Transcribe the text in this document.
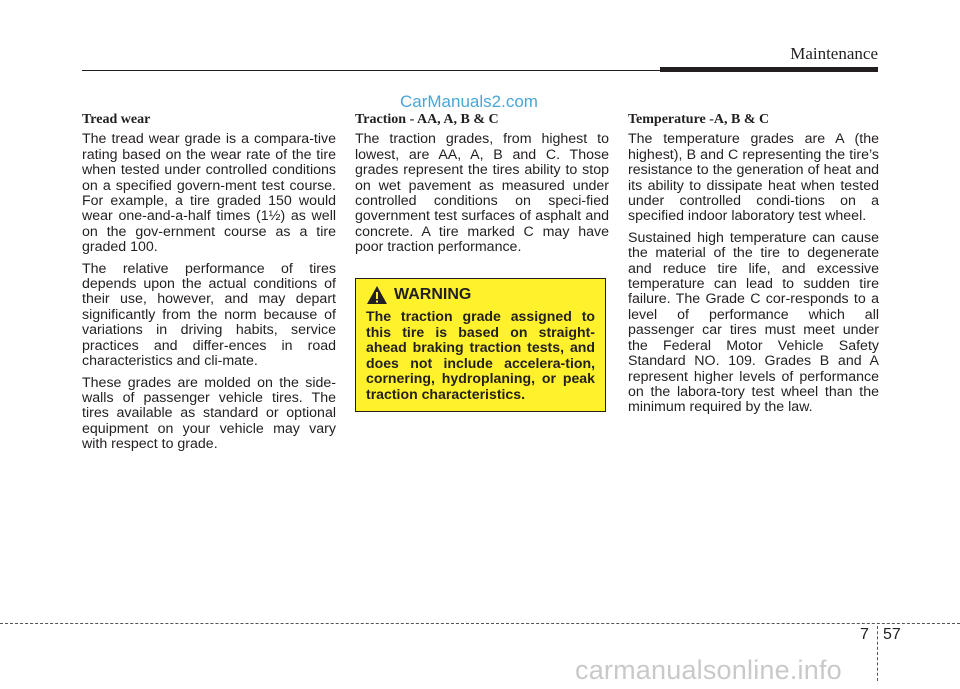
Maintenance
CarManuals2.com
Tread wear

The tread wear grade is a compara-tive rating based on the wear rate of the tire when tested under controlled conditions on a specified govern-ment test course. For example, a tire graded 150 would wear one-and-a-half times (1½) as well on the gov-ernment course as a tire graded 100.

The relative performance of tires depends upon the actual conditions of their use, however, and may depart significantly from the norm because of variations in driving habits, service practices and differ-ences in road characteristics and cli-mate.

These grades are molded on the side-walls of passenger vehicle tires. The tires available as standard or optional equipment on your vehicle may vary with respect to grade.

Traction - AA, A, B & C

The traction grades, from highest to lowest, are AA, A, B and C. Those grades represent the tires ability to stop on wet pavement as measured under controlled conditions on speci-fied government test surfaces of asphalt and concrete. A tire marked C may have poor traction performance.

WARNING
The traction grade assigned to this tire is based on straight-ahead braking traction tests, and does not include accelera-tion, cornering, hydroplaning, or peak traction characteristics.
Temperature -A, B & C

The temperature grades are A (the highest), B and C representing the tire’s resistance to the generation of heat and its ability to dissipate heat when tested under controlled condi-tions on a specified indoor laboratory test wheel.

Sustained high temperature can cause the material of the tire to degenerate and reduce tire life, and excessive temperature can lead to sudden tire failure. The Grade C cor-responds to a level of performance which all passenger car tires must meet under the Federal Motor Vehicle Safety Standard NO. 109. Grades B and A represent higher levels of performance on the labora-tory test wheel than the minimum required by the law.

7 57
carmanualsonline.info
